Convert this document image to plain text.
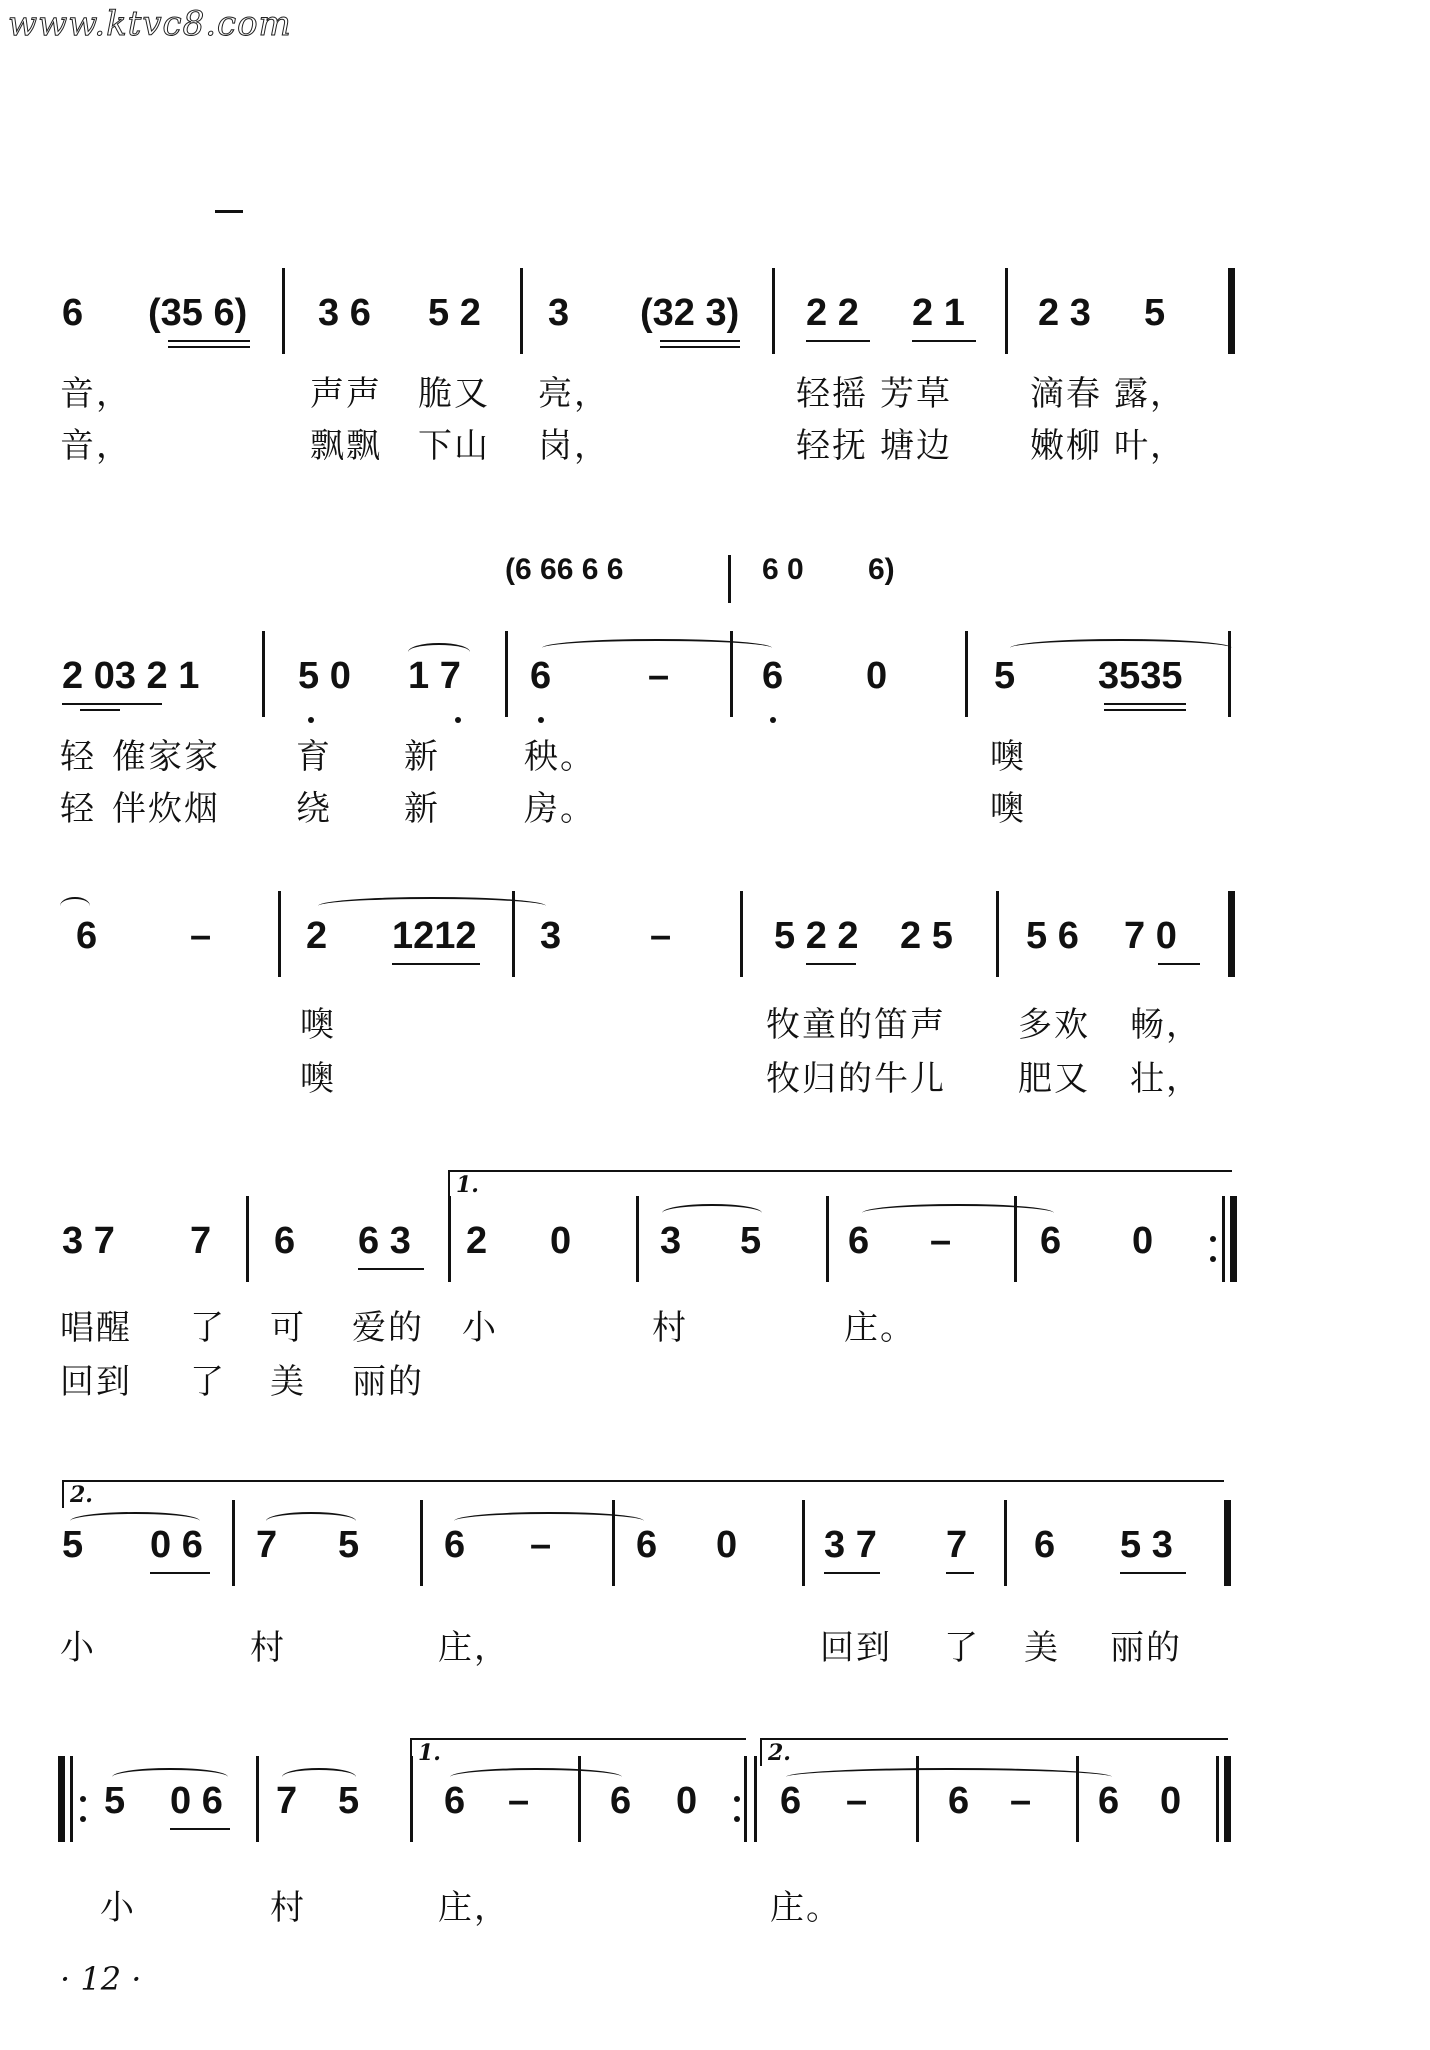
www.ktvc8.com
6 (35 6) 3 6 5 2 3 (32 3) 2 2 2 1 2 3 5
音，	声声 脆又 亮，	轻摇 芳草 滴春 露，
音，	飘飘 下山 岗，	轻抚 塘边 嫩柳 叶，
(6 66 6 6	6 0 6)
2 03 2 1	5 0 1 7 6	– 6 0	5 3535
轻 傕家家 育 新 秧。	噢
轻 伴炊烟 绕 新 房。	噢
6 – 2 1212 3 –	5 2 2 2 5 5 6 7 0
噢	牧童的笛声 多欢 畅，
噢	牧归的牛儿 肥又 壮，
1.
3 7 7 6 6 3 2 0 3 5 6 – 6 0
唱醒 了 可 爱的 小	村	庄。
回到 了 美 丽的
2.
5 0 6 7 5 6 – 6 0 3 7 7 6 5 3
小	村	庄，	回到 了 美 丽的
1.	2.
5 0 6 7 5 6 – 6 0 6 – 6 – 6 0
小	村	庄，	庄。
· 12 ·
